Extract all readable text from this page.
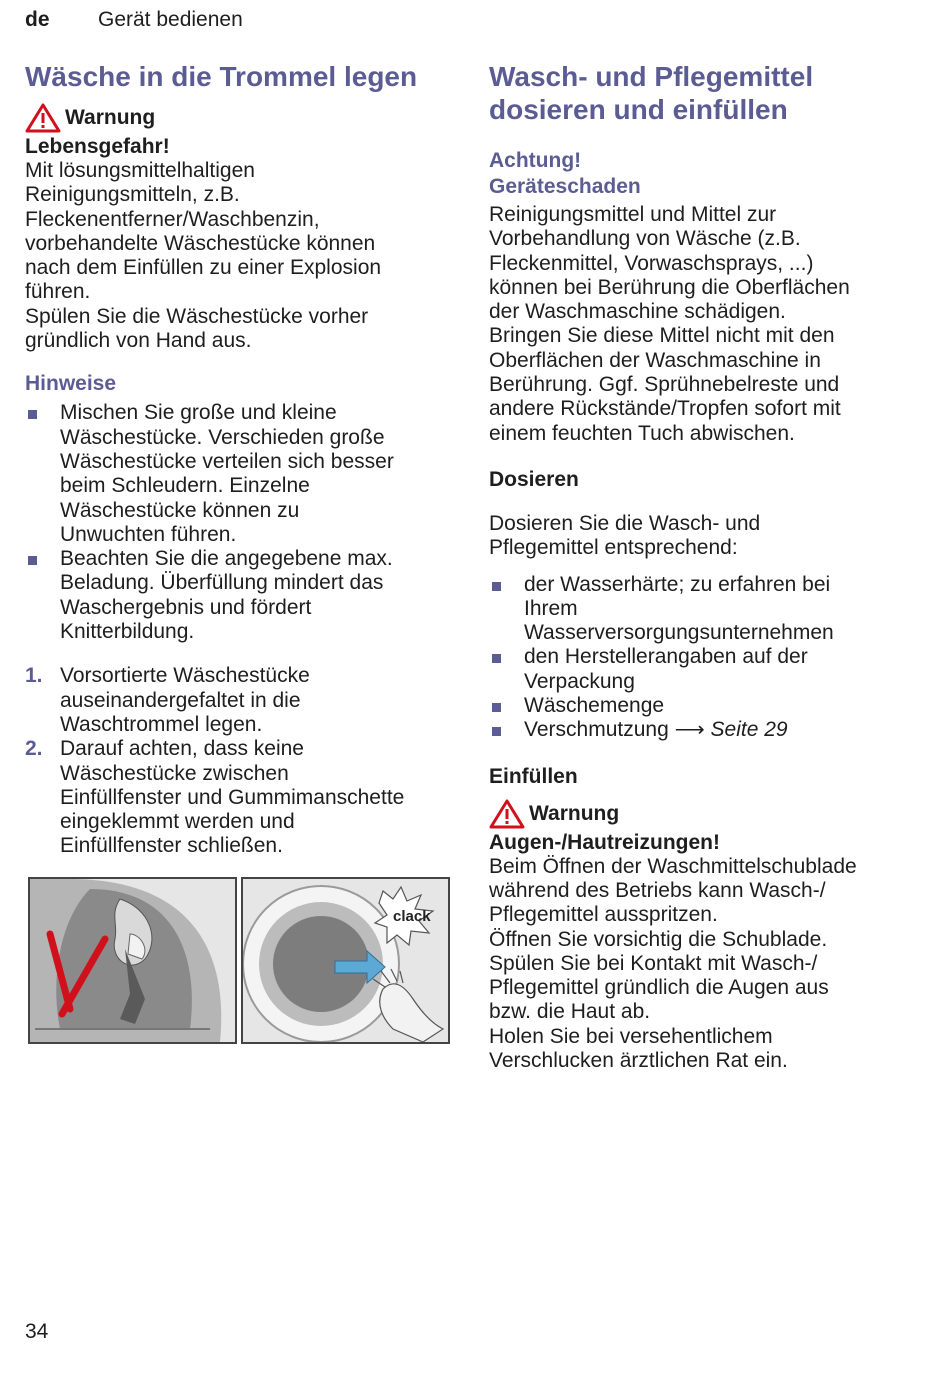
de Gerät bedienen
Wäsche in die Trommel legen
Warnung
Lebensgefahr!

Mit lösungsmittelhaltigen

Reinigungsmitteln, z.B.

Fleckenentferner/Waschbenzin,

vorbehandelte Wäschestücke können

nach dem Einfüllen zu einer Explosion

führen.

Spülen Sie die Wäschestücke vorher

gründlich von Hand aus.

Hinweise
Mischen Sie große und kleine
Wäschestücke. Verschieden große
Wäschestücke verteilen sich besser
beim Schleudern. Einzelne
Wäschestücke können zu
Unwuchten führen.
Beachten Sie die angegebene max.
Beladung. Überfüllung mindert das
Waschergebnis und fördert
Knitterbildung.
1. Vorsortierte Wäschestücke
auseinandergefaltet in die
Waschtrommel legen.
2. Darauf achten, dass keine
Wäschestücke zwischen
Einfüllfenster und Gummimanschette
eingeklemmt werden und
Einfüllfenster schließen.
clack
Wasch- und Pflegemittel
dosieren und einfüllen
Achtung!
Geräteschaden

Reinigungsmittel und Mittel zur

Vorbehandlung von Wäsche (z.B.

Fleckenmittel, Vorwaschsprays, ...)

können bei Berührung die Oberflächen

der Waschmaschine schädigen.

Bringen Sie diese Mittel nicht mit den

Oberflächen der Waschmaschine in

Berührung. Ggf. Sprühnebelreste und

andere Rückstände/Tropfen sofort mit

einem feuchten Tuch abwischen.

Dosieren

Dosieren Sie die Wasch- und

Pflegemittel entsprechend:

der Wasserhärte; zu erfahren bei
Ihrem
Wasserversorgungsunternehmen
den Herstellerangaben auf der
Verpackung
Wäschemenge
Verschmutzung ⟶ Seite 29
Einfüllen
Warnung
Augen-/Hautreizungen!

Beim Öffnen der Waschmittelschublade

während des Betriebs kann Wasch-/

Pflegemittel ausspritzen.

Öffnen Sie vorsichtig die Schublade.

Spülen Sie bei Kontakt mit Wasch-/

Pflegemittel gründlich die Augen aus

bzw. die Haut ab.

Holen Sie bei versehentlichem

Verschlucken ärztlichen Rat ein.

34
